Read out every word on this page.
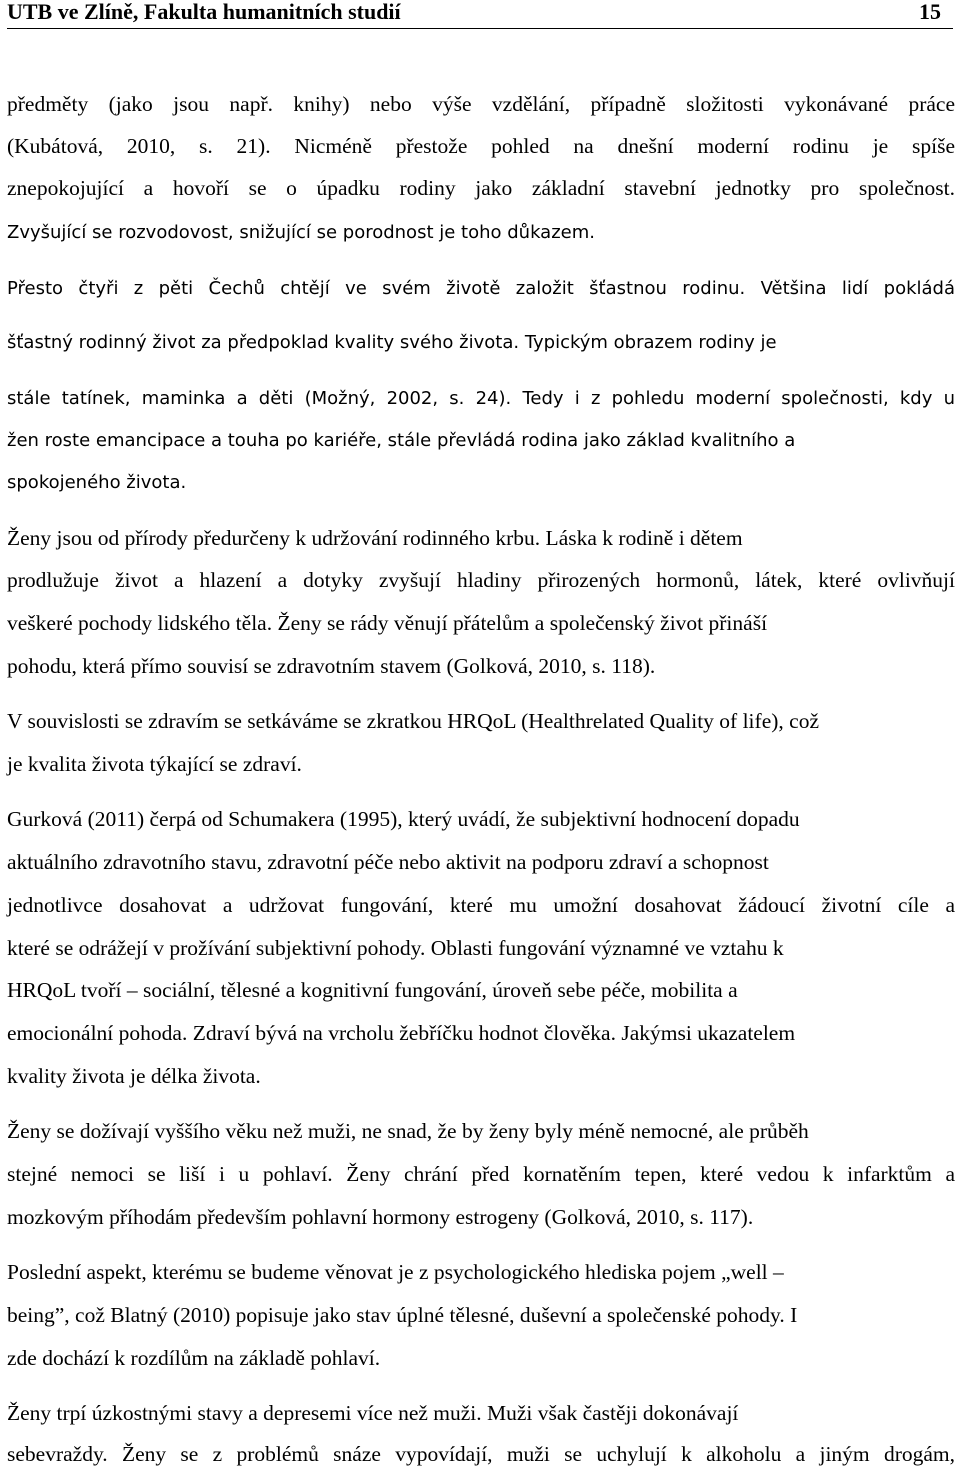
UTB ve Zlíně, Fakulta humanitních studií	15
předměty (jako jsou např. knihy) nebo výše vzdělání, případně složitosti vykonávané práce
(Kubátová, 2010, s. 21). Nicméně přestože pohled na dnešní moderní rodinu je spíše
znepokojující a hovoří se o úpadku rodiny jako základní stavební jednotky pro společnost.
Zvyšující se rozvodovost, snižující se porodnost je toho důkazem.
Přesto čtyři z pěti Čechů chtějí ve svém životě založit šťastnou rodinu. Většina lidí pokládá
šťastný rodinný život za předpoklad kvality svého života. Typickým obrazem rodiny je
stále tatínek, maminka a děti (Možný, 2002, s. 24). Tedy i z pohledu moderní společnosti, kdy u
žen roste emancipace a touha po kariéře, stále převládá rodina jako základ kvalitního a
spokojeného života.
Ženy jsou od přírody předurčeny k udržování rodinného krbu. Láska k rodině i dětem
prodlužuje život a hlazení a dotyky zvyšují hladiny přirozených hormonů, látek, které ovlivňují
veškeré pochody lidského těla. Ženy se rády věnují přátelům a společenský život přináší
pohodu, která přímo souvisí se zdravotním stavem (Golková, 2010, s. 118).
V souvislosti se zdravím se setkáváme se zkratkou HRQoL (Healthrelated Quality of life), což
je kvalita života týkající se zdraví.
Gurková (2011) čerpá od Schumakera (1995), který uvádí, že subjektivní hodnocení dopadu
aktuálního zdravotního stavu, zdravotní péče nebo aktivit na podporu zdraví a schopnost
jednotlivce dosahovat a udržovat fungování, které mu umožní dosahovat žádoucí životní cíle a
které se odrážejí v prožívání subjektivní pohody. Oblasti fungování významné ve vztahu k
HRQoL tvoří – sociální, tělesné a kognitivní fungování, úroveň sebe péče, mobilita a
emocionální pohoda. Zdraví bývá na vrcholu žebříčku hodnot člověka. Jakýmsi ukazatelem
kvality života je délka života.
Ženy se dožívají vyššího věku než muži, ne snad, že by ženy byly méně nemocné, ale průběh
stejné nemoci se liší i u pohlaví. Ženy chrání před kornatěním tepen, které vedou k infarktům a
mozkovým příhodám především pohlavní hormony estrogeny (Golková, 2010, s. 117).
Poslední aspekt, kterému se budeme věnovat je z psychologického hlediska pojem „well –
being”, což Blatný (2010) popisuje jako stav úplné tělesné, duševní a společenské pohody. I
zde dochází k rozdílům na základě pohlaví.
Ženy trpí úzkostnými stavy a depresemi více než muži. Muži však častěji dokonávají
sebevraždy. Ženy se z problémů snáze vypovídají, muži se uchylují k alkoholu a jiným drogám,
